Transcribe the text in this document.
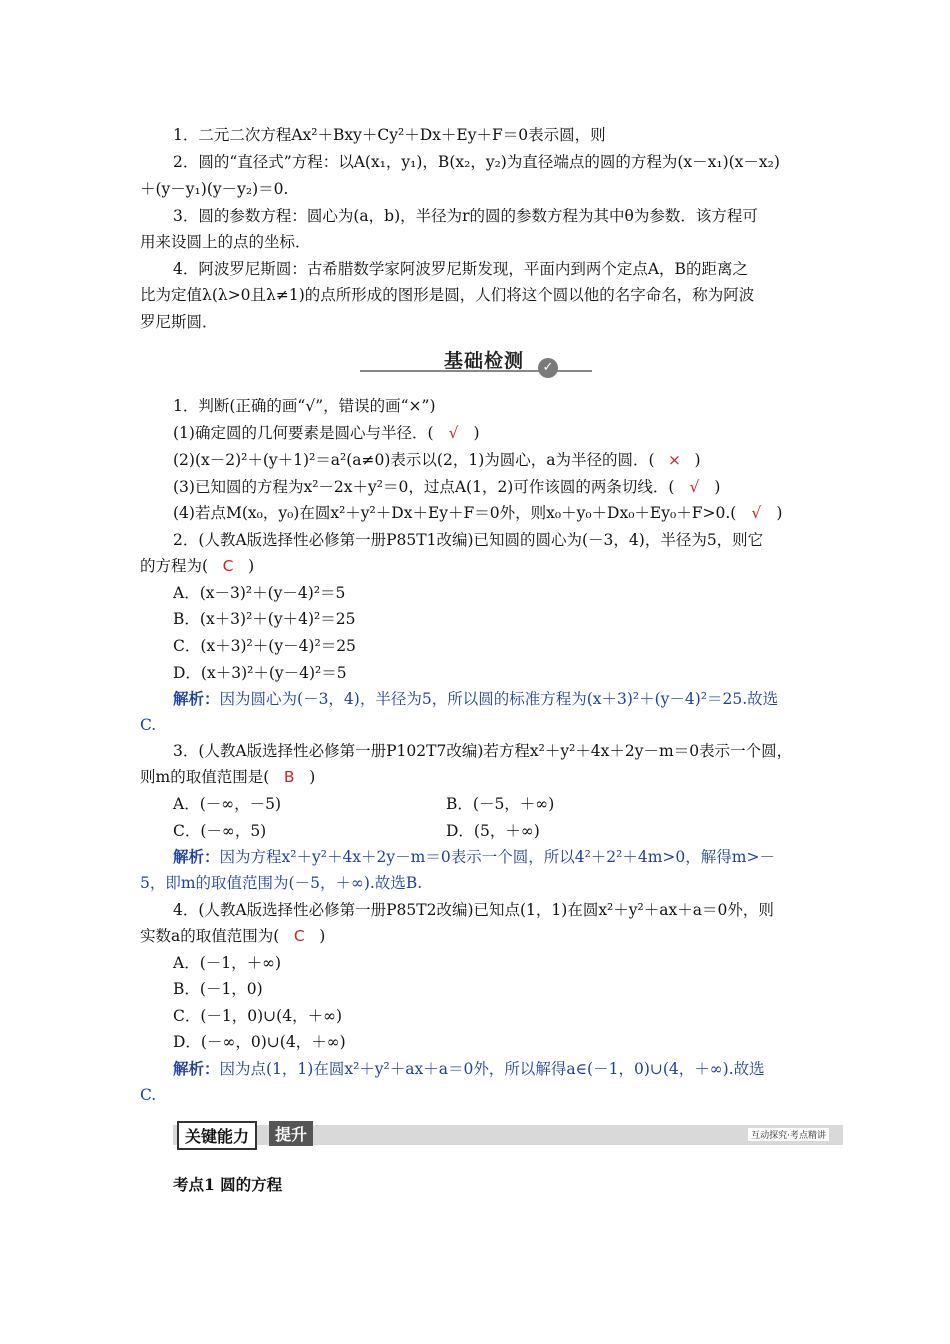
1．二元二次方程Ax²＋Bxy＋Cy²＋Dx＋Ey＋F＝0表示圆，则
2．圆的“直径式”方程：以A(x₁，y₁)，B(x₂，y₂)为直径端点的圆的方程为(x－x₁)(x－x₂)
＋(y－y₁)(y－y₂)＝0.
3．圆的参数方程：圆心为(a，b)，半径为r的圆的参数方程为其中θ为参数．该方程可
用来设圆上的点的坐标．
4．阿波罗尼斯圆：古希腊数学家阿波罗尼斯发现，平面内到两个定点A，B的距离之
比为定值λ(λ>0且λ≠1)的点所形成的图形是圆，人们将这个圆以他的名字命名，称为阿波
罗尼斯圆．
基础检测	✓
1．判断(正确的画“√”，错误的画“×”)
(1)确定圆的几何要素是圆心与半径．( √ )
(2)(x－2)²＋(y＋1)²＝a²(a≠0)表示以(2，1)为圆心，a为半径的圆．( × )
(3)已知圆的方程为x²－2x＋y²＝0，过点A(1，2)可作该圆的两条切线．( √ )
(4)若点M(x₀，y₀)在圆x²＋y²＋Dx＋Ey＋F＝0外，则x₀＋y₀＋Dx₀＋Ey₀＋F>0.( √ )
2．(人教A版选择性必修第一册P85T1改编)已知圆的圆心为(－3，4)，半径为5，则它
的方程为( C )
A．(x－3)²＋(y－4)²＝5
B．(x＋3)²＋(y＋4)²＝25
C．(x＋3)²＋(y－4)²＝25
D．(x＋3)²＋(y－4)²＝5
解析：因为圆心为(－3，4)，半径为5，所以圆的标准方程为(x＋3)²＋(y－4)²＝25.故选
C.
3．(人教A版选择性必修第一册P102T7改编)若方程x²＋y²＋4x＋2y－m＝0表示一个圆，
则m的取值范围是( B )
A．(－∞，－5)	B．(－5，＋∞)
C．(－∞，5)	D．(5，＋∞)
解析：因为方程x²＋y²＋4x＋2y－m＝0表示一个圆，所以4²＋2²＋4m>0，解得m>－
5，即m的取值范围为(－5，＋∞).故选B.
4．(人教A版选择性必修第一册P85T2改编)已知点(1，1)在圆x²＋y²＋ax＋a＝0外，则
实数a的取值范围为( C )
A．(－1，＋∞)
B．(－1，0)
C．(－1，0)∪(4，＋∞)
D．(－∞，0)∪(4，＋∞)
解析：因为点(1，1)在圆x²＋y²＋ax＋a＝0外，所以解得a∈(－1，0)∪(4，＋∞).故选
C.
关键能力	提升	互动探究·考点精讲
考点1 圆的方程
